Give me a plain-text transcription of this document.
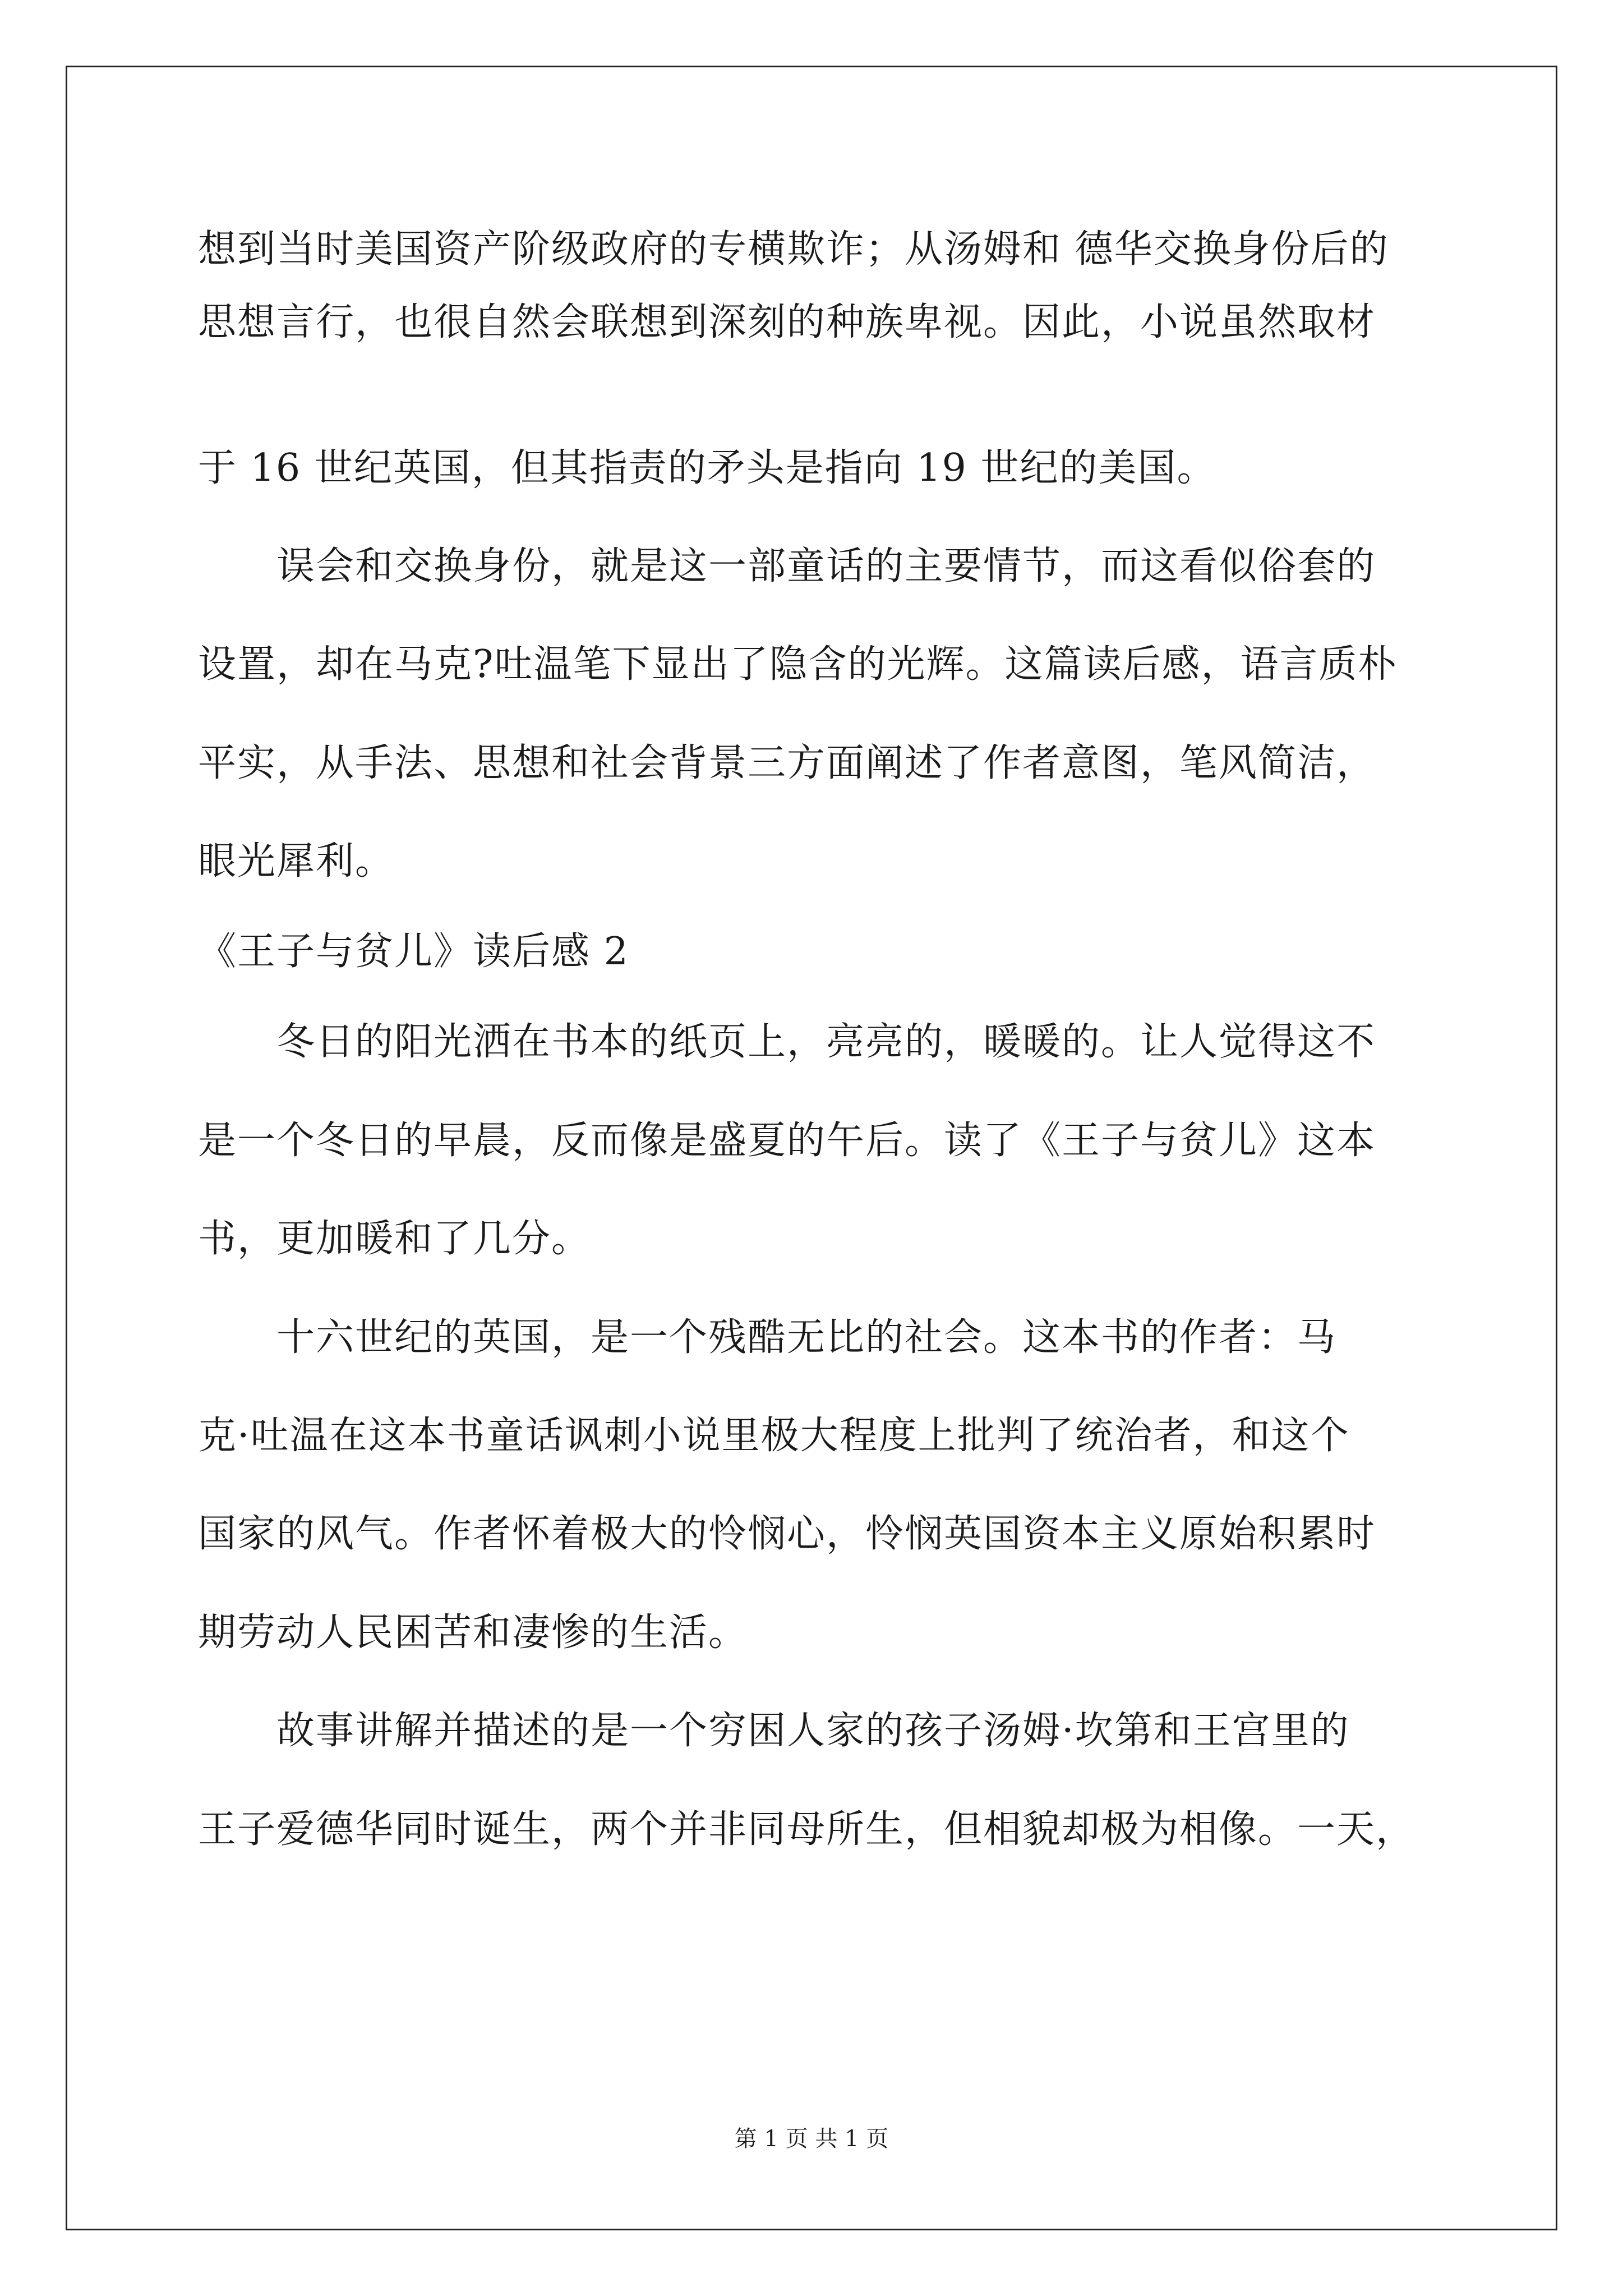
想到当时美国资产阶级政府的专横欺诈；从汤姆和 德华交换身份后的
思想言行，也很自然会联想到深刻的种族卑视。因此，小说虽然取材
于 16 世纪英国，但其指责的矛头是指向 19 世纪的美国。
误会和交换身份，就是这一部童话的主要情节，而这看似俗套的
设置，却在马克?吐温笔下显出了隐含的光辉。这篇读后感，语言质朴
平实，从手法、思想和社会背景三方面阐述了作者意图，笔风简洁，
眼光犀利。
《王子与贫儿》读后感 2
冬日的阳光洒在书本的纸页上，亮亮的，暖暖的。让人觉得这不
是一个冬日的早晨，反而像是盛夏的午后。读了《王子与贫儿》这本
书，更加暖和了几分。
十六世纪的英国，是一个残酷无比的社会。这本书的作者：马
克·吐温在这本书童话讽刺小说里极大程度上批判了统治者，和这个
国家的风气。作者怀着极大的怜悯心，怜悯英国资本主义原始积累时
期劳动人民困苦和凄惨的生活。
故事讲解并描述的是一个穷困人家的孩子汤姆·坎第和王宫里的
王子爱德华同时诞生，两个并非同母所生，但相貌却极为相像。一天，
第 1 页 共 1 页
